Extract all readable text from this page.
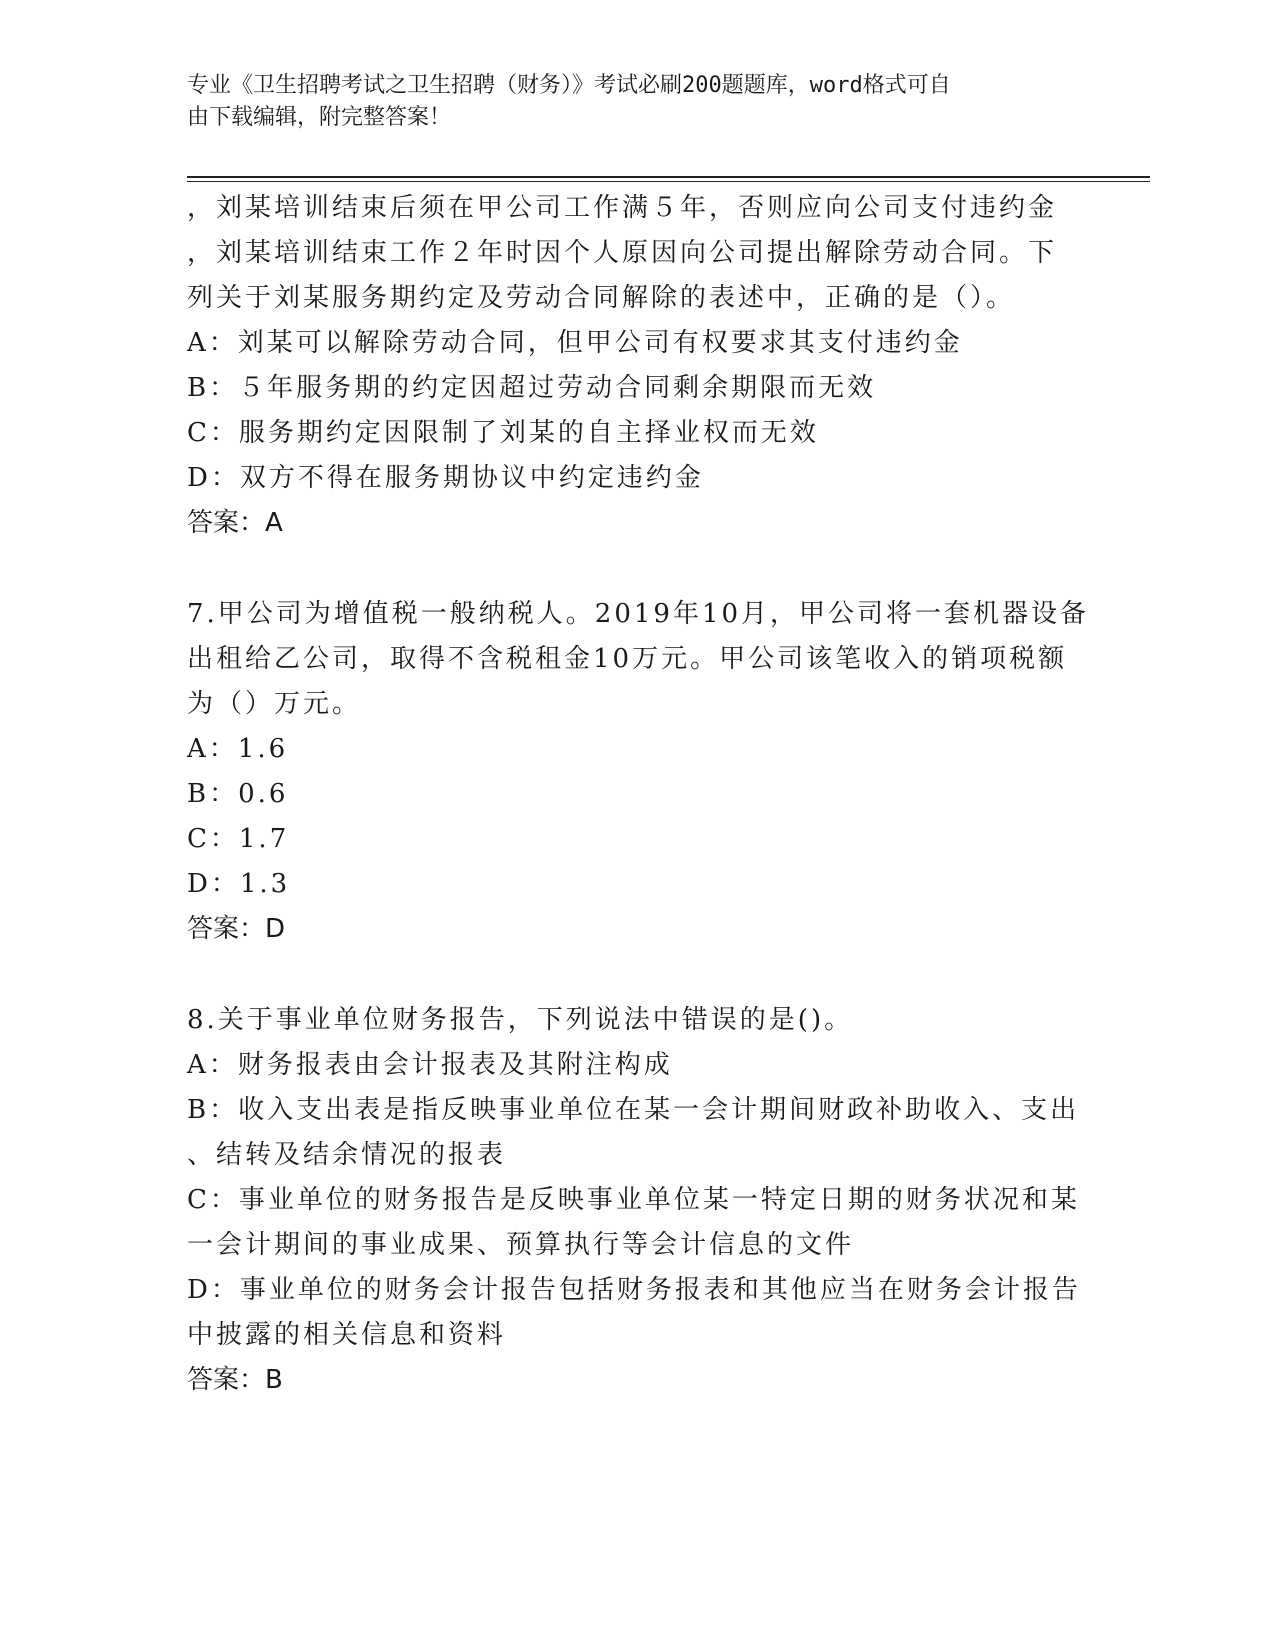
专业《卫生招聘考试之卫生招聘（财务）》考试必刷200题题库，word格式可自
由下载编辑，附完整答案！
，刘某培训结束后须在甲公司工作满５年，否则应向公司支付违约金
，刘某培训结束工作２年时因个人原因向公司提出解除劳动合同。下
列关于刘某服务期约定及劳动合同解除的表述中，正确的是（）。
A：刘某可以解除劳动合同，但甲公司有权要求其支付违约金
B：５年服务期的约定因超过劳动合同剩余期限而无效
C：服务期约定因限制了刘某的自主择业权而无效
D：双方不得在服务期协议中约定违约金
答案：A
7.甲公司为增值税一般纳税人。2019年10月，甲公司将一套机器设备
出租给乙公司，取得不含税租金10万元。甲公司该笔收入的销项税额
为（）万元。
A：1.6
B：0.6
C：1.7
D：1.3
答案：D
8.关于事业单位财务报告，下列说法中错误的是()。
A：财务报表由会计报表及其附注构成
B：收入支出表是指反映事业单位在某一会计期间财政补助收入、支出
、结转及结余情况的报表
C：事业单位的财务报告是反映事业单位某一特定日期的财务状况和某
一会计期间的事业成果、预算执行等会计信息的文件
D：事业单位的财务会计报告包括财务报表和其他应当在财务会计报告
中披露的相关信息和资料
答案：B
